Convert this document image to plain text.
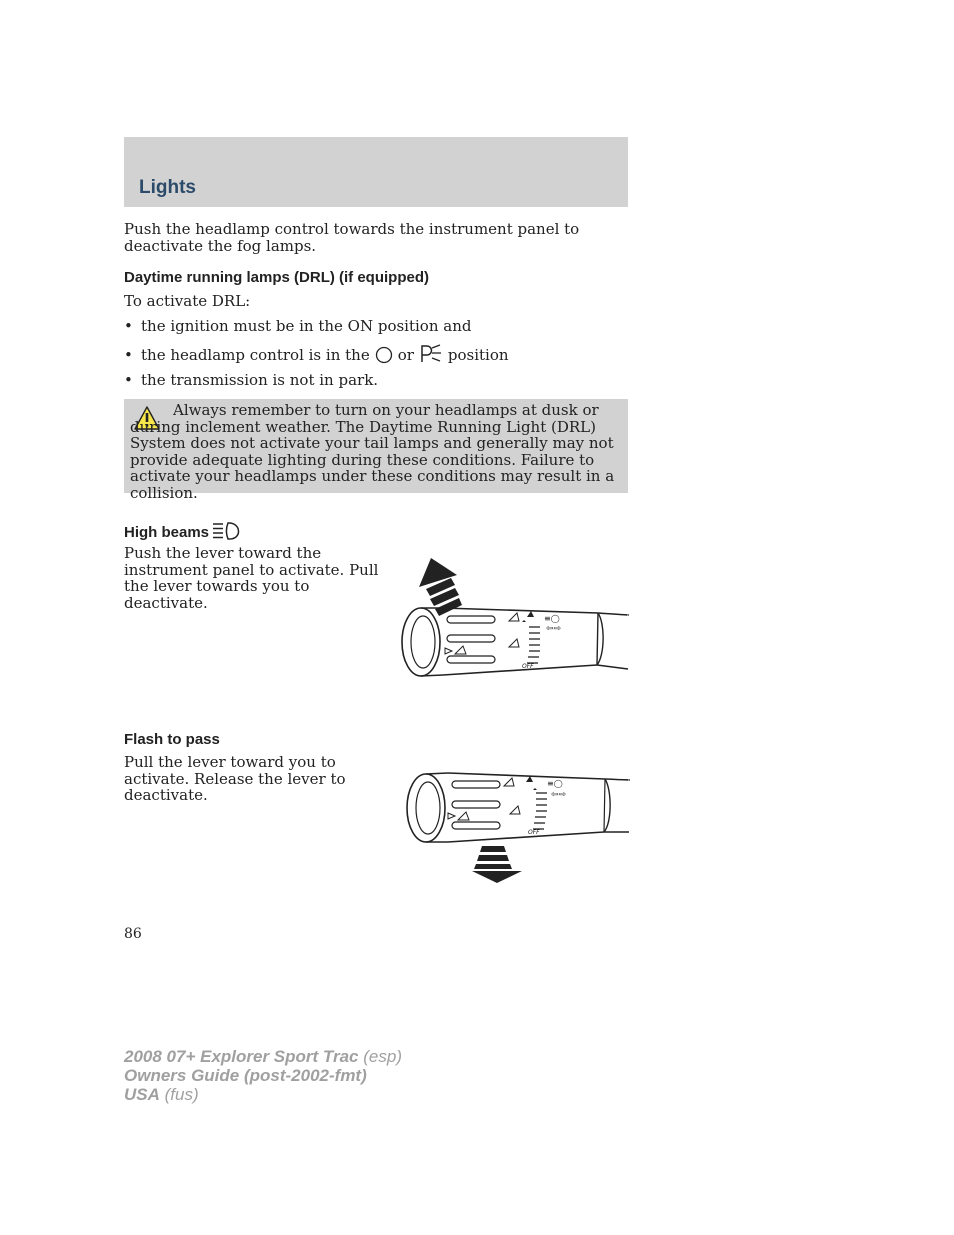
Lights
Push the headlamp control towards the instrument panel to deactivate the fog lamps.
Daytime running lamps (DRL) (if equipped)
To activate DRL:
• the ignition must be in the ON position and
• the headlamp control is in the or position
• the transmission is not in park.
Always remember to turn on your headlamps at dusk or during inclement weather. The Daytime Running Light (DRL) System does not activate your tail lamps and generally may not provide adequate lighting during these conditions. Failure to activate your headlamps under these conditions may result in a collision.
High beams
Push the lever toward the instrument panel to activate. Pull the lever towards you to deactivate.
≡◯
⇦⇨
OFF
Flash to pass
Pull the lever toward you to activate. Release the lever to deactivate.
≡◯
⇦⇨
OFF
86
2008 07+ Explorer Sport Trac (esp)
Owners Guide (post-2002-fmt)
USA (fus)
